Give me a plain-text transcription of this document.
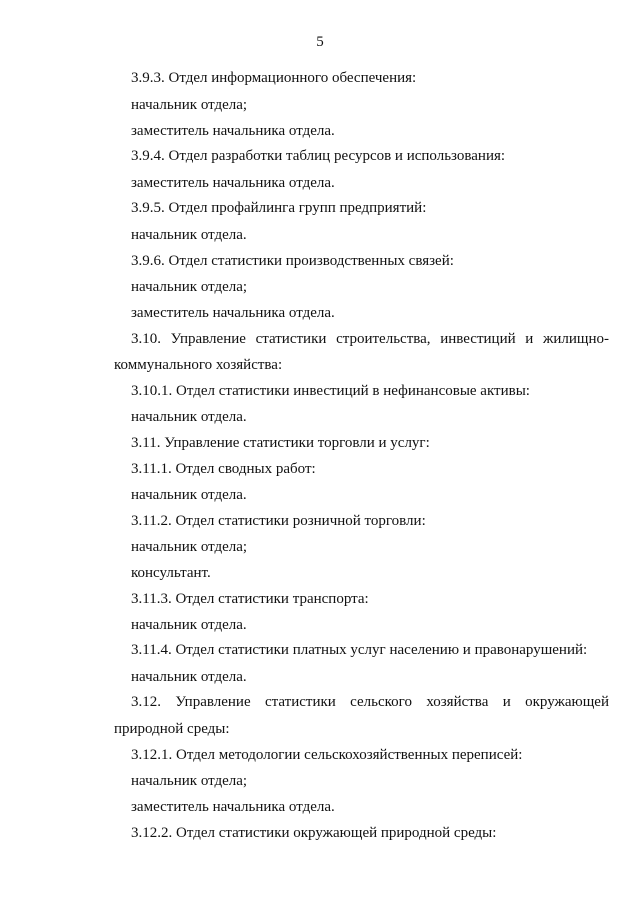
5
3.9.3. Отдел информационного обеспечения:
начальник отдела;
заместитель начальника отдела.
3.9.4. Отдел разработки таблиц ресурсов и использования:
заместитель начальника отдела.
3.9.5. Отдел профайлинга групп предприятий:
начальник отдела.
3.9.6. Отдел статистики производственных связей:
начальник отдела;
заместитель начальника отдела.
3.10. Управление статистики строительства, инвестиций и жилищно-
коммунального хозяйства:
3.10.1. Отдел статистики инвестиций в нефинансовые активы:
начальник отдела.
3.11. Управление статистики торговли и услуг:
3.11.1. Отдел сводных работ:
начальник отдела.
3.11.2. Отдел статистики розничной торговли:
начальник отдела;
консультант.
3.11.3. Отдел статистики транспорта:
начальник отдела.
3.11.4. Отдел статистики платных услуг населению и правонарушений:
начальник отдела.
3.12. Управление статистики сельского хозяйства и окружающей
природной среды:
3.12.1. Отдел методологии сельскохозяйственных переписей:
начальник отдела;
заместитель начальника отдела.
3.12.2. Отдел статистики окружающей природной среды:
